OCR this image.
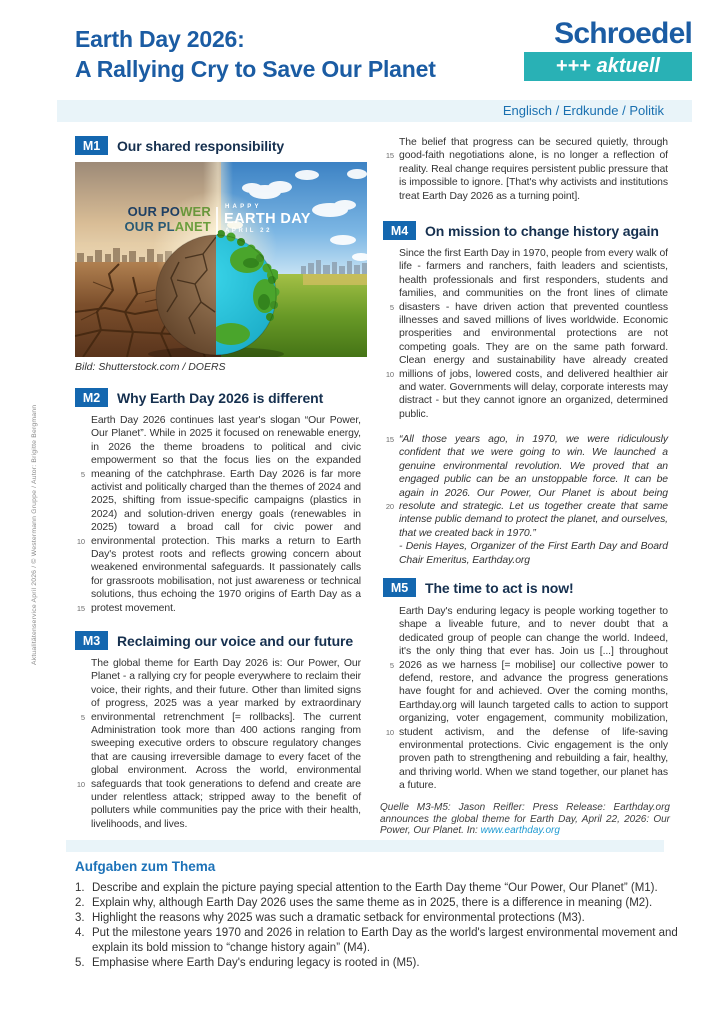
Aktualitätenservice April 2026 / © Westermann Gruppe / Autor: Brigitte Bergmann
Earth Day 2026:
A Rallying Cry to Save Our Planet
Schroedel
+++ aktuell
Englisch / Erdkunde / Politik
M1	Our shared responsibility
OUR POWER
OUR PLANET
HAPPY
EARTH DAY
APRIL 22
Bild: Shutterstock.com / DOERS
M2	Why Earth Day 2026 is different
5
10
15

Earth Day 2026 continues last year's slogan “Our Power, Our Planet”. While in 2025 it focused on renewable energy, in 2026 the theme broadens to political and civic empowerment so that the focus lies on the expanded meaning of the catchphrase. Earth Day 2026 is far more activist and politically charged than the themes of 2024 and 2025, shifting from issue-specific campaigns (plastics in 2024) and solution-driven energy goals (renewables in 2025) toward a broad call for civic power and environmental protection. This marks a return to Earth Day's protest roots and reflects growing concern about weakened environmental safeguards. It passionately calls for grassroots mobilisation, not just awareness or technical solutions, thus echoing the 1970 origins of Earth Day as a protest movement.

M3	Reclaiming our voice and our future
5
10

The global theme for Earth Day 2026 is: Our Power, Our Planet - a rallying cry for people everywhere to reclaim their voice, their rights, and their future. Other than limited signs of progress, 2025 was a year marked by extraordinary environmental retrenchment [= rollbacks]. The current Administration took more than 400 actions ranging from sweeping executive orders to obscure regulatory changes that are causing irreversible damage to every facet of the global environment. Across the world, environmental safeguards that took generations to defend and create are under relentless attack; stripped away to the benefit of polluters while communities pay the price with their health, livelihoods, and lives.

15

The belief that progress can be secured quietly, through good-faith negotiations alone, is no longer a reflection of reality. Real change requires persistent public pressure that is impossible to ignore. [That's why activists and institutions treat Earth Day 2026 as a turning point].

M4	On mission to change history again
5
10

Since the first Earth Day in 1970, people from every walk of life - farmers and ranchers, faith leaders and scientists, health professionals and first responders, students and families, and communities on the front lines of climate disasters - have driven action that prevented countless illnesses and saved millions of lives worldwide. Economic prosperities and environmental protections are not competing goals. They are on the same path forward. Clean energy and sustainability have already created millions of jobs, lowered costs, and delivered healthier air and water. Governments will delay, corporate interests may distract - but they cannot ignore an organized, determined public.

15
20

“All those years ago, in 1970, we were ridiculously confident that we were going to win. We launched a genuine environmental revolution. We proved that an engaged public can be an unstoppable force. It can be again in 2026. Our Power, Our Planet is about being resolute and strategic. Let us together create that same intense public demand to protect the planet, and ourselves, that we created back in 1970.”

- Denis Hayes, Organizer of the First Earth Day and Board Chair Emeritus, Earthday.org

M5	The time to act is now!
5
10

Earth Day's enduring legacy is people working together to shape a liveable future, and to never doubt that a dedicated group of people can change the world. Indeed, it's the only thing that ever has. Join us [...] throughout 2026 as we harness [= mobilise] our collective power to defend, restore, and advance the progress generations have fought for and achieved. Over the coming months, Earthday.org will launch targeted calls to action to support organizing, voter engagement, community mobilization, student activism, and the defense of life-saving environmental protections. Civic engagement is the only proven path to strengthening and rebuilding a fair, healthy, and thriving world. When we stand together, our planet has a future.

Quelle M3-M5: Jason Reifler: Press Release: Earthday.org announces the global theme for Earth Day, April 22, 2026: Our Power, Our Planet. In: www.earthday.org

Aufgaben zum Thema
1. Describe and explain the picture paying special attention to the Earth Day theme “Our Power, Our Planet” (M1).
2. Explain why, although Earth Day 2026 uses the same theme as in 2025, there is a difference in meaning (M2).
3. Highlight the reasons why 2025 was such a dramatic setback for environmental protections (M3).
4. Put the milestone years 1970 and 2026 in relation to Earth Day as the world's largest environmental movement and explain its bold mission to “change history again” (M4).
5. Emphasise where Earth Day's enduring legacy is rooted in (M5).
